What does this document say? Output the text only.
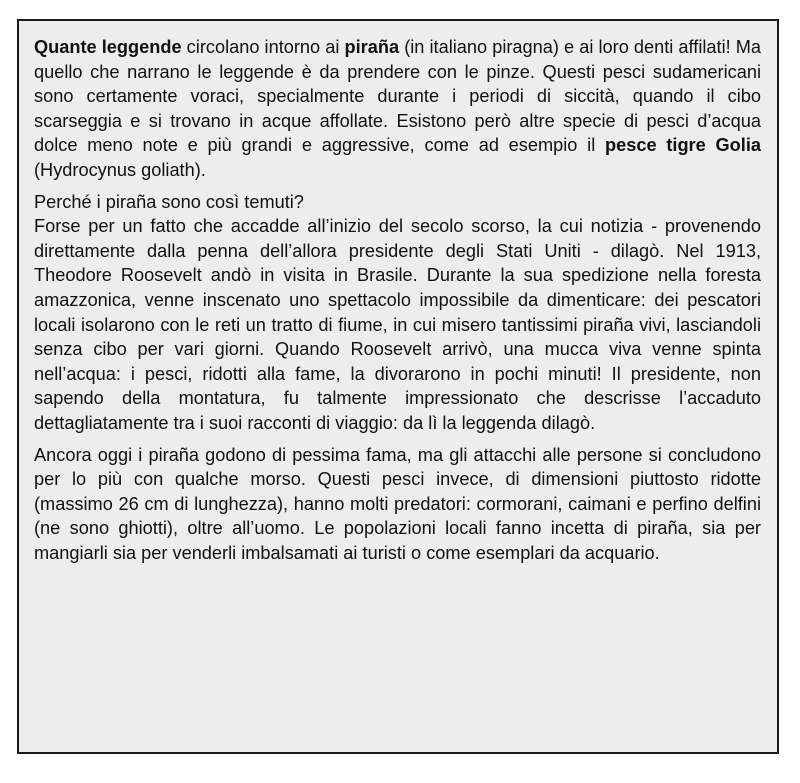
Quante leggende circolano intorno ai piraña (in italiano piragna) e ai loro denti affilati! Ma quello che narrano le leggende è da prendere con le pinze. Questi pesci sudamericani sono certamente voraci, specialmente durante i periodi di siccità, quando il cibo scarseggia e si trovano in acque affollate. Esistono però altre specie di pesci d’acqua dolce meno note e più grandi e aggressive, come ad esempio il pesce tigre Golia (Hydrocynus goliath).

Perché i piraña sono così temuti?
Forse per un fatto che accadde all’inizio del secolo scorso, la cui notizia - provenendo direttamente dalla penna dell’allora presidente degli Stati Uniti - dilagò. Nel 1913, Theodore Roosevelt andò in visita in Brasile. Durante la sua spedizione nella foresta amazzonica, venne inscenato uno spettacolo impossibile da dimenticare: dei pescatori locali isolarono con le reti un tratto di fiume, in cui misero tantissimi piraña vivi, lasciandoli senza cibo per vari giorni. Quando Roosevelt arrivò, una mucca viva venne spinta nell’acqua: i pesci, ridotti alla fame, la divorarono in pochi minuti! Il presidente, non sapendo della montatura, fu talmente impressionato che descrisse l’accaduto dettagliatamente tra i suoi racconti di viaggio: da lì la leggenda dilagò.

Ancora oggi i piraña godono di pessima fama, ma gli attacchi alle persone si concludono per lo più con qualche morso. Questi pesci invece, di dimensioni piuttosto ridotte (massimo 26 cm di lunghezza), hanno molti predatori: cormorani, caimani e perfino delfini (ne sono ghiotti), oltre all’uomo. Le popolazioni locali fanno incetta di piraña, sia per mangiarli sia per venderli imbalsamati ai turisti o come esemplari da acquario.
